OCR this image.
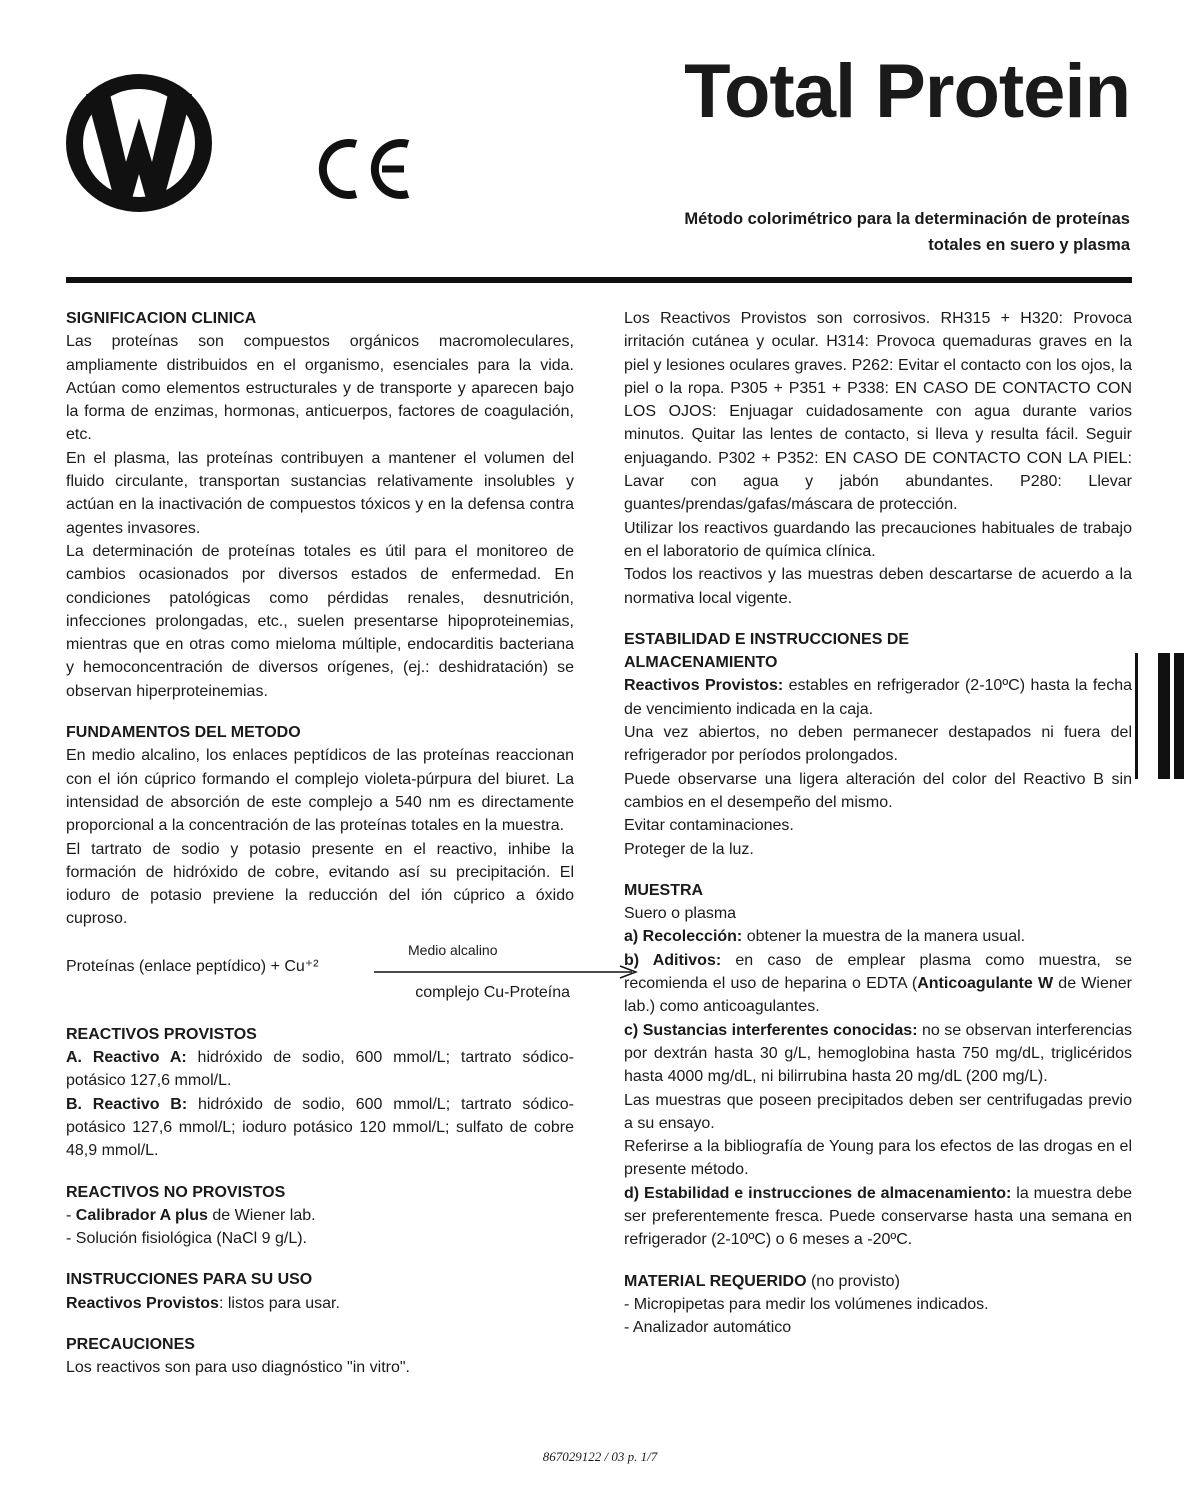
Total Protein
Método colorimétrico para la determinación de proteínas
totales en suero y plasma
SIGNIFICACION CLINICA

Las proteínas son compuestos orgánicos macromoleculares, ampliamente distribuidos en el organismo, esenciales para la vida. Actúan como elementos estructurales y de transporte y aparecen bajo la forma de enzimas, hormonas, anticuerpos, factores de coagulación, etc.

En el plasma, las proteínas contribuyen a mantener el volumen del fluido circulante, transportan sustancias relativamente insolubles y actúan en la inactivación de compuestos tóxicos y en la defensa contra agentes invasores.

La determinación de proteínas totales es útil para el monitoreo de cambios ocasionados por diversos estados de enfermedad. En condiciones patológicas como pérdidas renales, desnutrición, infecciones prolongadas, etc., suelen presentarse hipoproteinemias, mientras que en otras como mieloma múltiple, endocarditis bacteriana y hemoconcentración de diversos orígenes, (ej.: deshidratación) se observan hiperproteinemias.

FUNDAMENTOS DEL METODO

En medio alcalino, los enlaces peptídicos de las proteínas reaccionan con el ión cúprico formando el complejo violeta-púrpura del biuret. La intensidad de absorción de este complejo a 540 nm es directamente proporcional a la concentración de las proteínas totales en la muestra.

El tartrato de sodio y potasio presente en el reactivo, inhibe la formación de hidróxido de cobre, evitando así su precipitación. El ioduro de potasio previene la reducción del ión cúprico a óxido cuproso.

Proteínas (enlace peptídico) + Cu⁺²
Medio alcalino
complejo Cu-Proteína
REACTIVOS PROVISTOS

A. Reactivo A: hidróxido de sodio, 600 mmol/L; tartrato sódico-potásico 127,6 mmol/L.

B. Reactivo B: hidróxido de sodio, 600 mmol/L; tartrato sódico-potásico 127,6 mmol/L; ioduro potásico 120 mmol/L; sulfato de cobre 48,9 mmol/L.

REACTIVOS NO PROVISTOS

- Calibrador A plus de Wiener lab.

- Solución fisiológica (NaCl 9 g/L).

INSTRUCCIONES PARA SU USO

Reactivos Provistos: listos para usar.

PRECAUCIONES

Los reactivos son para uso diagnóstico "in vitro".

Los Reactivos Provistos son corrosivos. RH315 + H320: Provoca irritación cutánea y ocular. H314: Provoca quemaduras graves en la piel y lesiones oculares graves. P262: Evitar el contacto con los ojos, la piel o la ropa. P305 + P351 + P338: EN CASO DE CONTACTO CON LOS OJOS: Enjuagar cuidadosamente con agua durante varios minutos. Quitar las lentes de contacto, si lleva y resulta fácil. Seguir enjuagando. P302 + P352: EN CASO DE CONTACTO CON LA PIEL: Lavar con agua y jabón abundantes. P280: Llevar guantes/prendas/gafas/máscara de protección.

Utilizar los reactivos guardando las precauciones habituales de trabajo en el laboratorio de química clínica.

Todos los reactivos y las muestras deben descartarse de acuerdo a la normativa local vigente.

ESTABILIDAD E INSTRUCCIONES DE
ALMACENAMIENTO

Reactivos Provistos: estables en refrigerador (2-10ºC) hasta la fecha de vencimiento indicada en la caja.

Una vez abiertos, no deben permanecer destapados ni fuera del refrigerador por períodos prolongados.

Puede observarse una ligera alteración del color del Reactivo B sin cambios en el desempeño del mismo.

Evitar contaminaciones.

Proteger de la luz.

MUESTRA

Suero o plasma

a) Recolección: obtener la muestra de la manera usual.

b) Aditivos: en caso de emplear plasma como muestra, se recomienda el uso de heparina o EDTA (Anticoagulante W de Wiener lab.) como anticoagulantes.

c) Sustancias interferentes conocidas: no se observan interferencias por dextrán hasta 30 g/L, hemoglobina hasta 750 mg/dL, triglicéridos hasta 4000 mg/dL, ni bilirrubina hasta 20 mg/dL (200 mg/L).

Las muestras que poseen precipitados deben ser centrifugadas previo a su ensayo.

Referirse a la bibliografía de Young para los efectos de las drogas en el presente método.

d) Estabilidad e instrucciones de almacenamiento: la muestra debe ser preferentemente fresca. Puede conservarse hasta una semana en refrigerador (2-10ºC) o 6 meses a -20ºC.

MATERIAL REQUERIDO (no provisto)

- Micropipetas para medir los volúmenes indicados.

- Analizador automático

867029122 / 03 p. 1/7
